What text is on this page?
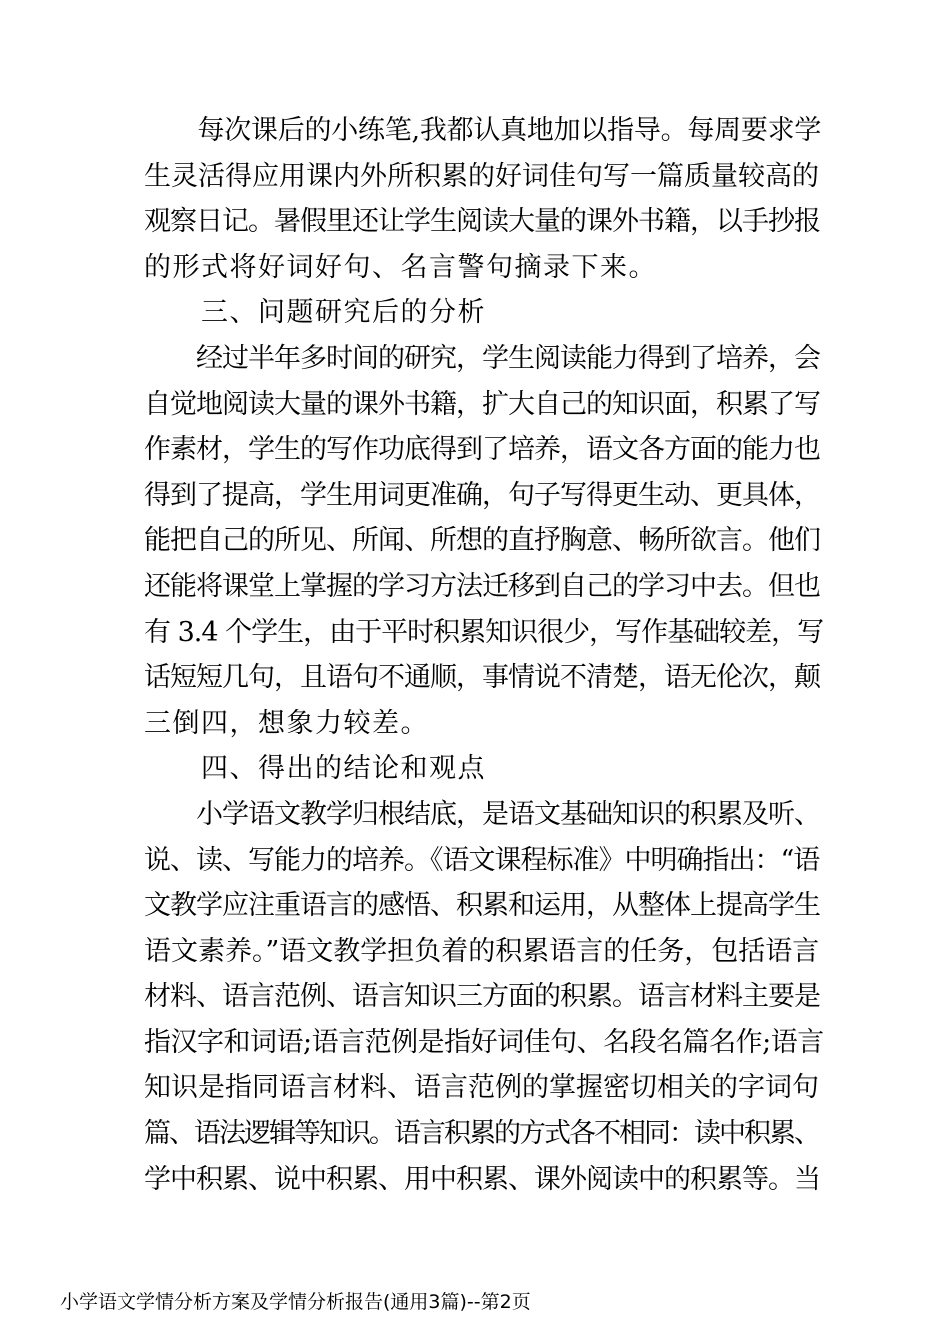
　　每次课后的小练笔,我都认真地加以指导。每周要求学
生灵活得应用课内外所积累的好词佳句写一篇质量较高的
观察日记。暑假里还让学生阅读大量的课外书籍，以手抄报
的形式将好词好句、名言警句摘录下来。
　　三、问题研究后的分析
　　经过半年多时间的研究，学生阅读能力得到了培养，会
自觉地阅读大量的课外书籍，扩大自己的知识面，积累了写
作素材，学生的写作功底得到了培养，语文各方面的能力也
得到了提高，学生用词更准确，句子写得更生动、更具体，
能把自己的所见、所闻、所想的直抒胸意、畅所欲言。他们
还能将课堂上掌握的学习方法迁移到自己的学习中去。但也
有 3.4 个学生，由于平时积累知识很少，写作基础较差，写
话短短几句，且语句不通顺，事情说不清楚，语无伦次，颠
三倒四，想象力较差。
　　四、得出的结论和观点
　　小学语文教学归根结底，是语文基础知识的积累及听、
说、读、写能力的培养。《语文课程标准》中明确指出：“语
文教学应注重语言的感悟、积累和运用，从整体上提高学生
语文素养。”语文教学担负着的积累语言的任务，包括语言
材料、语言范例、语言知识三方面的积累。语言材料主要是
指汉字和词语;语言范例是指好词佳句、名段名篇名作;语言
知识是指同语言材料、语言范例的掌握密切相关的字词句
篇、语法逻辑等知识。语言积累的方式各不相同：读中积累、
学中积累、说中积累、用中积累、课外阅读中的积累等。当
小学语文学情分析方案及学情分析报告(通用3篇)--第2页
